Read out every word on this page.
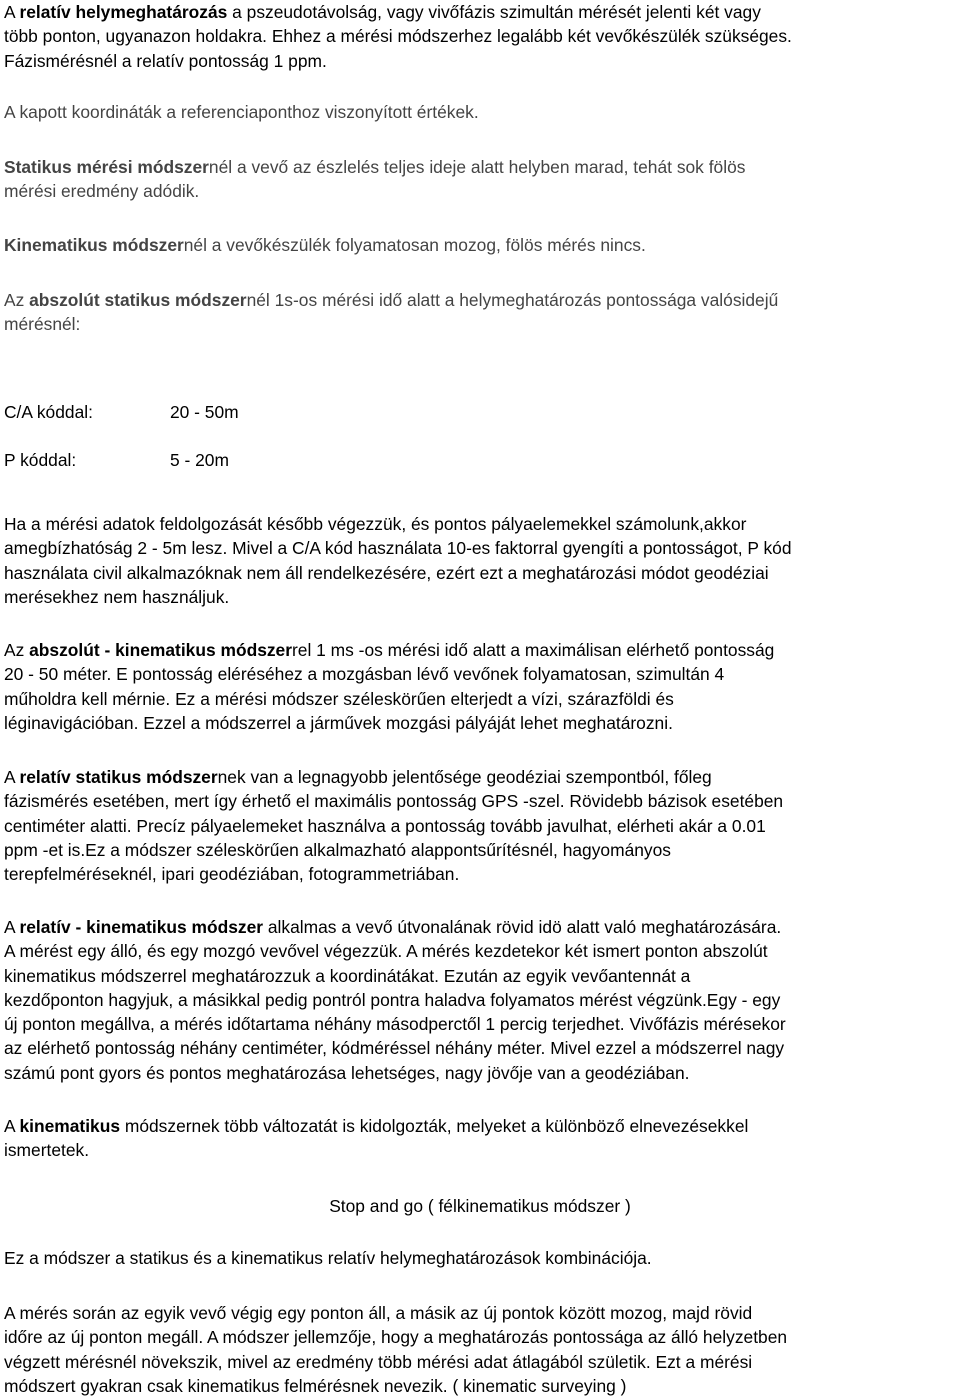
A relatív helymeghatározás a pszeudotávolság, vagy vivőfázis szimultán mérését jelenti két vagy
több ponton, ugyanazon holdakra. Ehhez a mérési módszerhez legalább két vevőkészülék szükséges.
Fázismérésnél a relatív pontosság 1 ppm.
A kapott koordináták a referenciaponthoz viszonyított értékek.
Statikus mérési módszernél a vevő az észlelés teljes ideje alatt helyben marad, tehát sok fölös
mérési eredmény adódik.
Kinematikus módszernél a vevőkészülék folyamatosan mozog, fölös mérés nincs.
Az abszolút statikus módszernél 1s-os mérési idő alatt a helymeghatározás pontossága valósidejű
mérésnél:
C/A kóddal:	20 - 50m
P kóddal:	5 - 20m
Ha a mérési adatok feldolgozását később végezzük, és pontos pályaelemekkel számolunk,akkor
amegbízhatóság 2 - 5m lesz. Mivel a C/A kód használata 10-es faktorral gyengíti a pontosságot, P kód
használata civil alkalmazóknak nem áll rendelkezésére, ezért ezt a meghatározási módot geodéziai
merésekhez nem használjuk.
Az abszolút - kinematikus módszerrel 1 ms -os mérési idő alatt a maximálisan elérhető pontosság
20 - 50 méter. E pontosság eléréséhez a mozgásban lévő vevőnek folyamatosan, szimultán 4
műholdra kell mérnie. Ez a mérési módszer széleskörűen elterjedt a vízi, szárazföldi és
léginavigációban. Ezzel a módszerrel a járművek mozgási pályáját lehet meghatározni.
A relatív statikus módszernek van a legnagyobb jelentősége geodéziai szempontból, főleg
fázismérés esetében, mert így érhető el maximális pontosság GPS -szel. Rövidebb bázisok esetében
centiméter alatti. Precíz pályaelemeket használva a pontosság tovább javulhat, elérheti akár a 0.01
ppm -et is.Ez a módszer széleskörűen alkalmazható alappontsűrítésnél, hagyományos
terepfelméréseknél, ipari geodéziában, fotogrammetriában.
A relatív - kinematikus módszer alkalmas a vevő útvonalának rövid idö alatt való meghatározására.
A mérést egy álló, és egy mozgó vevővel végezzük. A mérés kezdetekor két ismert ponton abszolút
kinematikus módszerrel meghatározzuk a koordinátákat. Ezután az egyik vevőantennát a
kezdőponton hagyjuk, a másikkal pedig pontról pontra haladva folyamatos mérést végzünk.Egy - egy
új ponton megállva, a mérés időtartama néhány másodperctől 1 percig terjedhet. Vivőfázis mérésekor
az elérhető pontosság néhány centiméter, kódméréssel néhány méter. Mivel ezzel a módszerrel nagy
számú pont gyors és pontos meghatározása lehetséges, nagy jövője van a geodéziában.
A kinematikus módszernek több változatát is kidolgozták, melyeket a különböző elnevezésekkel
ismertetek.
Stop and go ( félkinematikus módszer )
Ez a módszer a statikus és a kinematikus relatív helymeghatározások kombinációja.
A mérés során az egyik vevő végig egy ponton áll, a másik az új pontok között mozog, majd rövid
időre az új ponton megáll. A módszer jellemzője, hogy a meghatározás pontossága az álló helyzetben
végzett mérésnél növekszik, mivel az eredmény több mérési adat átlagából születik. Ezt a mérési
módszert gyakran csak kinematikus felmérésnek nevezik. ( kinematic surveying )
